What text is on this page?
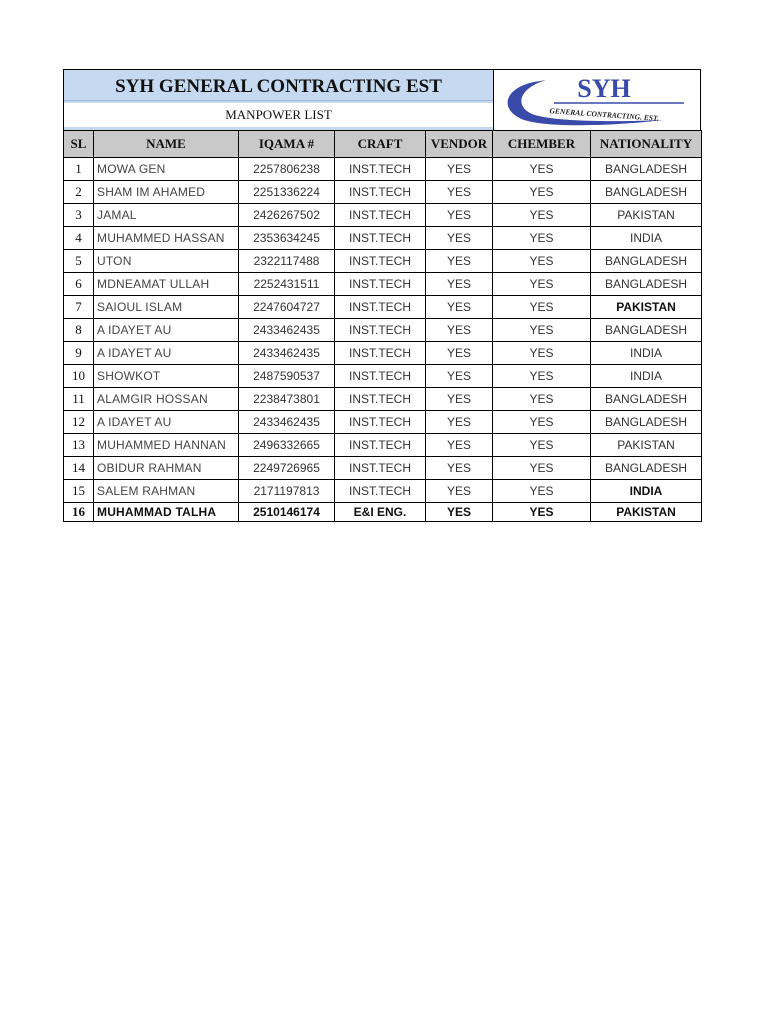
SYH GENERAL CONTRACTING EST
MANPOWER LIST
SYH
GENERAL CONTRACTING. EST.
SL	NAME	IQAMA #	CRAFT	VENDOR	CHEMBER	NATIONALITY
1	MOWA GEN	2257806238	INST.TECH	YES	YES	BANGLADESH
2	SHAM IM AHAMED	2251336224	INST.TECH	YES	YES	BANGLADESH
3	JAMAL	2426267502	INST.TECH	YES	YES	PAKISTAN
4	MUHAMMED HASSAN	2353634245	INST.TECH	YES	YES	INDIA
5	UTON	2322117488	INST.TECH	YES	YES	BANGLADESH
6	MDNEAMAT ULLAH	2252431511	INST.TECH	YES	YES	BANGLADESH
7	SAIOUL ISLAM	2247604727	INST.TECH	YES	YES	PAKISTAN
8	A IDAYET AU	2433462435	INST.TECH	YES	YES	BANGLADESH
9	A IDAYET AU	2433462435	INST.TECH	YES	YES	INDIA
10	SHOWKOT	2487590537	INST.TECH	YES	YES	INDIA
11	ALAMGIR HOSSAN	2238473801	INST.TECH	YES	YES	BANGLADESH
12	A IDAYET AU	2433462435	INST.TECH	YES	YES	BANGLADESH
13	MUHAMMED HANNAN	2496332665	INST.TECH	YES	YES	PAKISTAN
14	OBIDUR RAHMAN	2249726965	INST.TECH	YES	YES	BANGLADESH
15	SALEM RAHMAN	2171197813	INST.TECH	YES	YES	INDIA
16	MUHAMMAD TALHA	2510146174	E&I ENG.	YES	YES	PAKISTAN
